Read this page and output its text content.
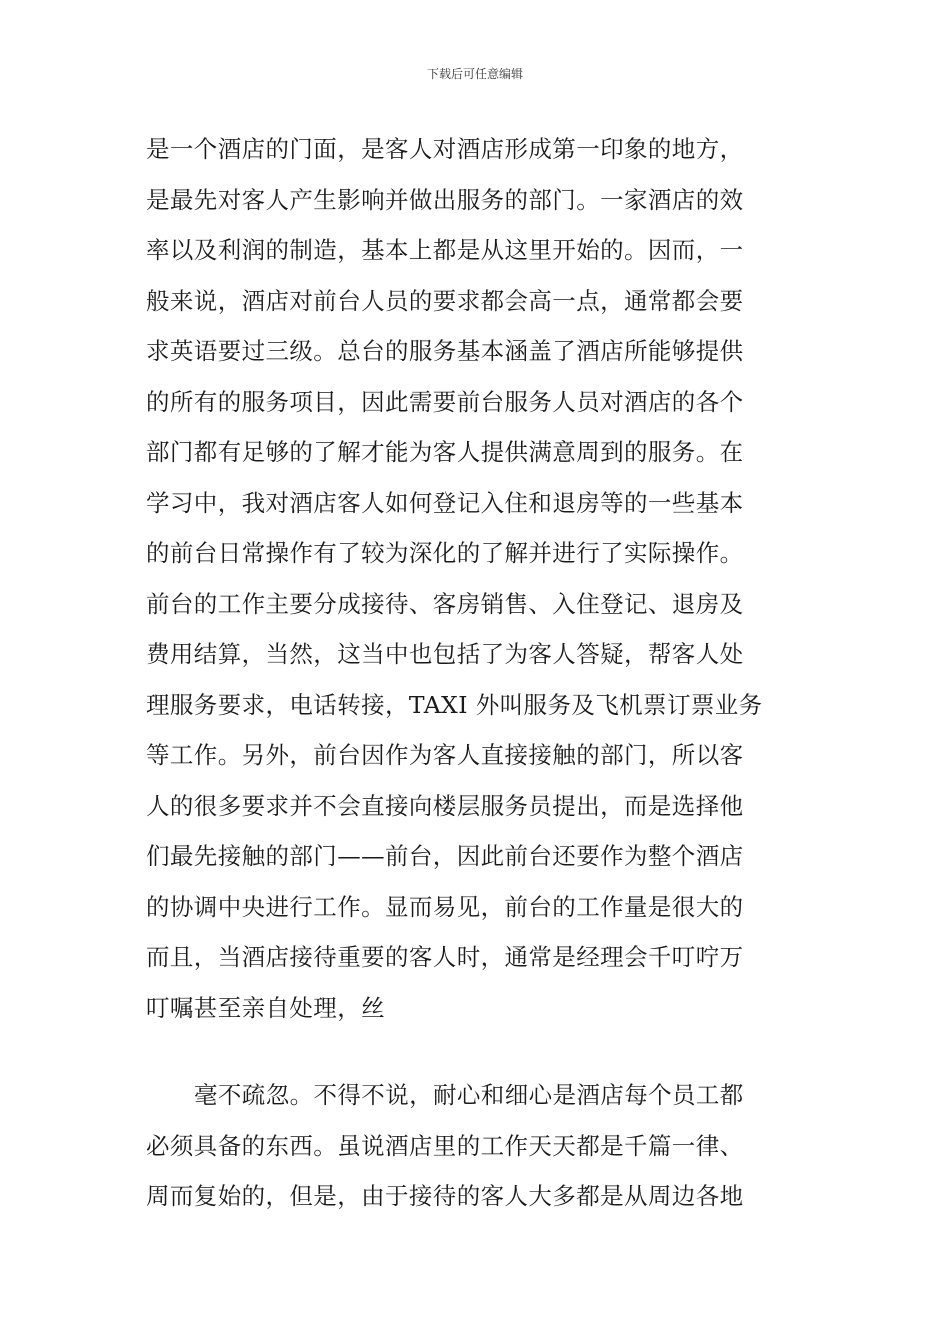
下载后可任意编辑
是一个酒店的门面，是客人对酒店形成第一印象的地方，
是最先对客人产生影响并做出服务的部门。一家酒店的效
率以及利润的制造，基本上都是从这里开始的。因而，一
般来说，酒店对前台人员的要求都会高一点，通常都会要
求英语要过三级。总台的服务基本涵盖了酒店所能够提供
的所有的服务项目，因此需要前台服务人员对酒店的各个
部门都有足够的了解才能为客人提供满意周到的服务。在
学习中，我对酒店客人如何登记入住和退房等的一些基本
的前台日常操作有了较为深化的了解并进行了实际操作。
前台的工作主要分成接待、客房销售、入住登记、退房及
费用结算，当然，这当中也包括了为客人答疑，帮客人处
理服务要求，电话转接，TAXI 外叫服务及飞机票订票业务
等工作。另外，前台因作为客人直接接触的部门，所以客
人的很多要求并不会直接向楼层服务员提出，而是选择他
们最先接触的部门——前台，因此前台还要作为整个酒店
的协调中央进行工作。显而易见，前台的工作量是很大的
而且，当酒店接待重要的客人时，通常是经理会千叮咛万
叮嘱甚至亲自处理，丝
毫不疏忽。不得不说，耐心和细心是酒店每个员工都
必须具备的东西。虽说酒店里的工作天天都是千篇一律、
周而复始的，但是，由于接待的客人大多都是从周边各地
